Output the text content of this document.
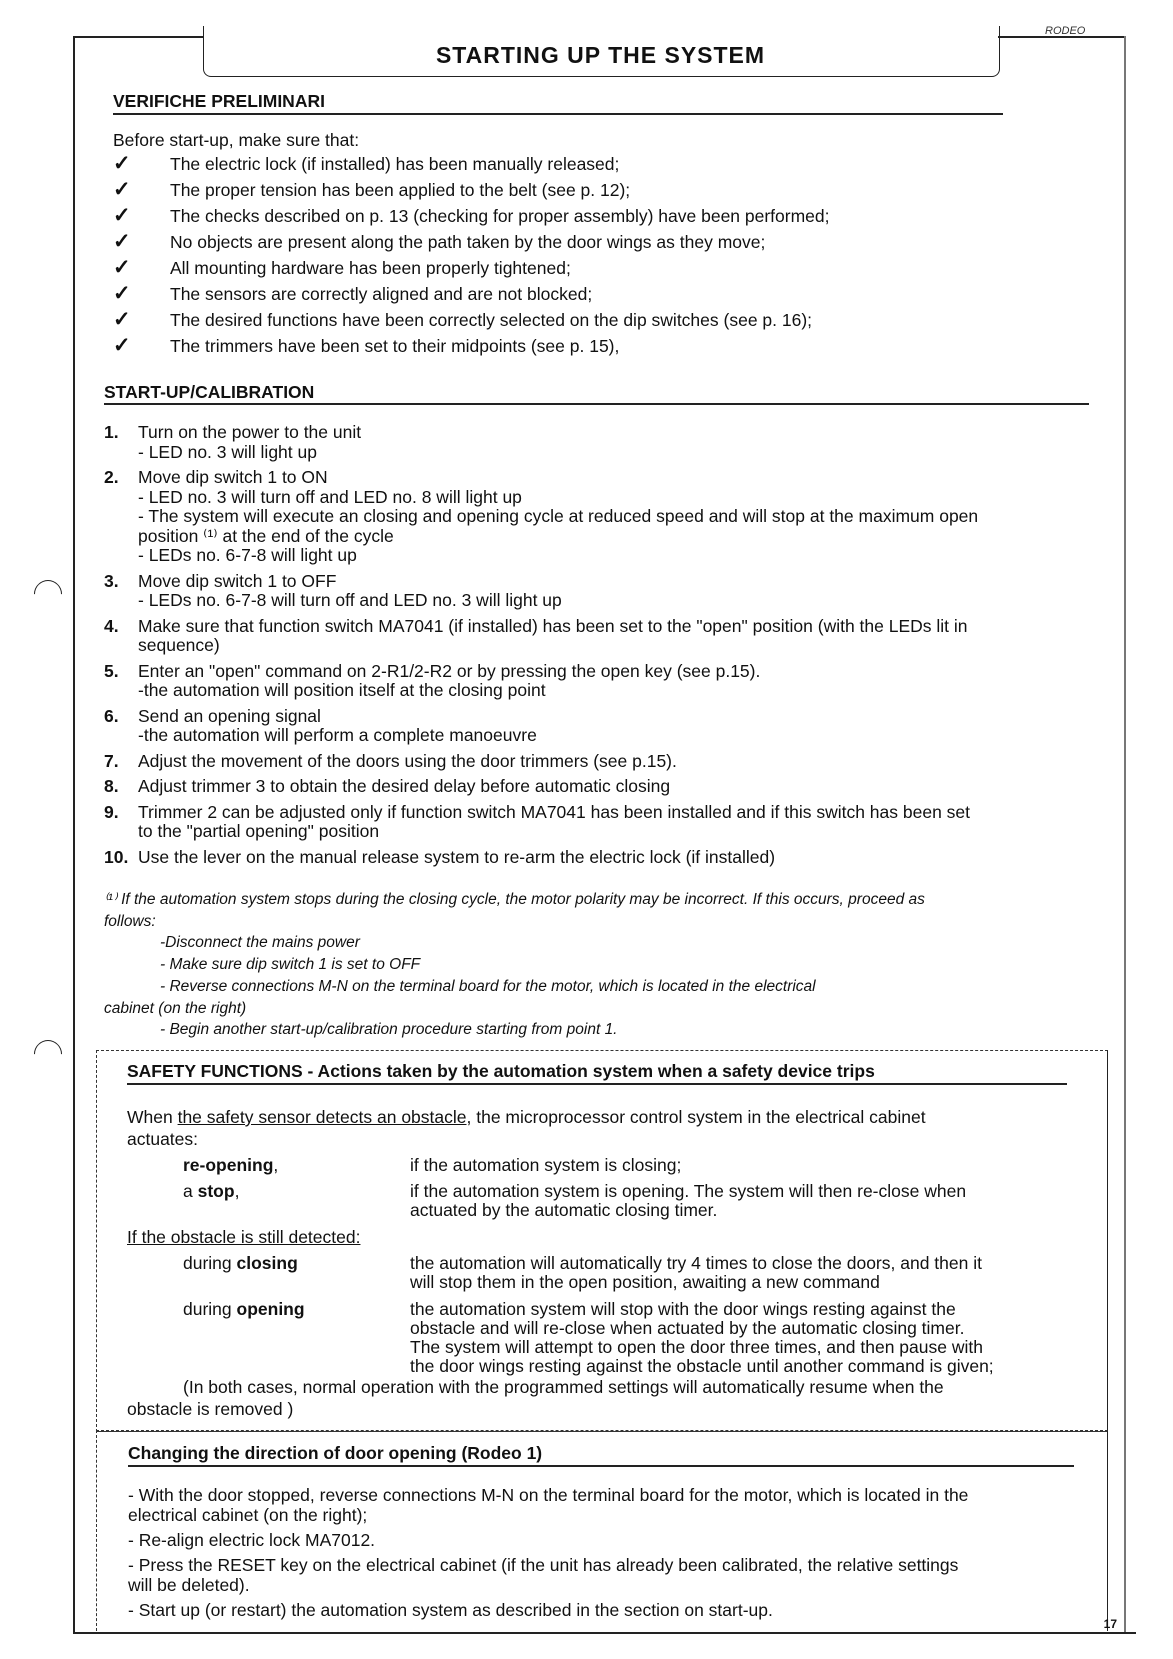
STARTING UP THE SYSTEM
RODEO
VERIFICHE PRELIMINARI
Before start-up, make sure that:
✓ The electric lock (if installed) has been manually released;
✓ The proper tension has been applied to the belt (see p. 12);
✓ The checks described on p. 13 (checking for proper assembly) have been performed;
✓ No objects are present along the path taken by the door wings as they move;
✓ All mounting hardware has been properly tightened;
✓ The sensors are correctly aligned and are not blocked;
✓ The desired functions have been correctly selected on the dip switches (see p. 16);
✓ The trimmers have been set to their midpoints (see p. 15),
START-UP/CALIBRATION
1.	Turn on the power to the unit
- LED no. 3 will light up
2.	Move dip switch 1 to ON
- LED no. 3 will turn off and LED no. 8 will light up
- The system will execute an closing and opening cycle at reduced speed and will stop at the maximum open
position ⁽¹⁾ at the end of the cycle
- LEDs no. 6-7-8 will light up
3.	Move dip switch 1 to OFF
- LEDs no. 6-7-8 will turn off and LED no. 3 will light up
4.	Make sure that function switch MA7041 (if installed) has been set to the "open" position (with the LEDs lit in
sequence)
5.	Enter an "open" command on 2-R1/2-R2 or by pressing the open key (see p.15).
-the automation will position itself at the closing point
6.	Send an opening signal
-the automation will perform a complete manoeuvre
7.	Adjust the movement of the doors using the door trimmers (see p.15).
8.	Adjust trimmer 3 to obtain the desired delay before automatic closing
9.	Trimmer 2 can be adjusted only if function switch MA7041 has been installed and if this switch has been set
to the "partial opening" position
10. Use the lever on the manual release system to re-arm the electric lock (if installed)
⁽¹⁾ If the automation system stops during the closing cycle, the motor polarity may be incorrect. If this occurs, proceed as
follows:
-Disconnect the mains power
- Make sure dip switch 1 is set to OFF
- Reverse connections M-N on the terminal board for the motor, which is located in the electrical
cabinet (on the right)
- Begin another start-up/calibration procedure starting from point 1.
SAFETY FUNCTIONS - Actions taken by the automation system when a safety device trips
When the safety sensor detects an obstacle, the microprocessor control system in the electrical cabinet
actuates:
re-opening,	if the automation system is closing;
a stop,	if the automation system is opening. The system will then re-close when
actuated by the automatic closing timer.
If the obstacle is still detected:
during closing	the automation will automatically try 4 times to close the doors, and then it
will stop them in the open position, awaiting a new command
during opening	the automation system will stop with the door wings resting against the
obstacle and will re-close when actuated by the automatic closing timer.
The system will attempt to open the door three times, and then pause with
the door wings resting against the obstacle until another command is given;
(In both cases, normal operation with the programmed settings will automatically resume when the
obstacle is removed )
Changing the direction of door opening (Rodeo 1)
- With the door stopped, reverse connections M-N on the terminal board for the motor, which is located in the
electrical cabinet (on the right);
- Re-align electric lock MA7012.
- Press the RESET key on the electrical cabinet (if the unit has already been calibrated, the relative settings
will be deleted).
- Start up (or restart) the automation system as described in the section on start-up.
17
